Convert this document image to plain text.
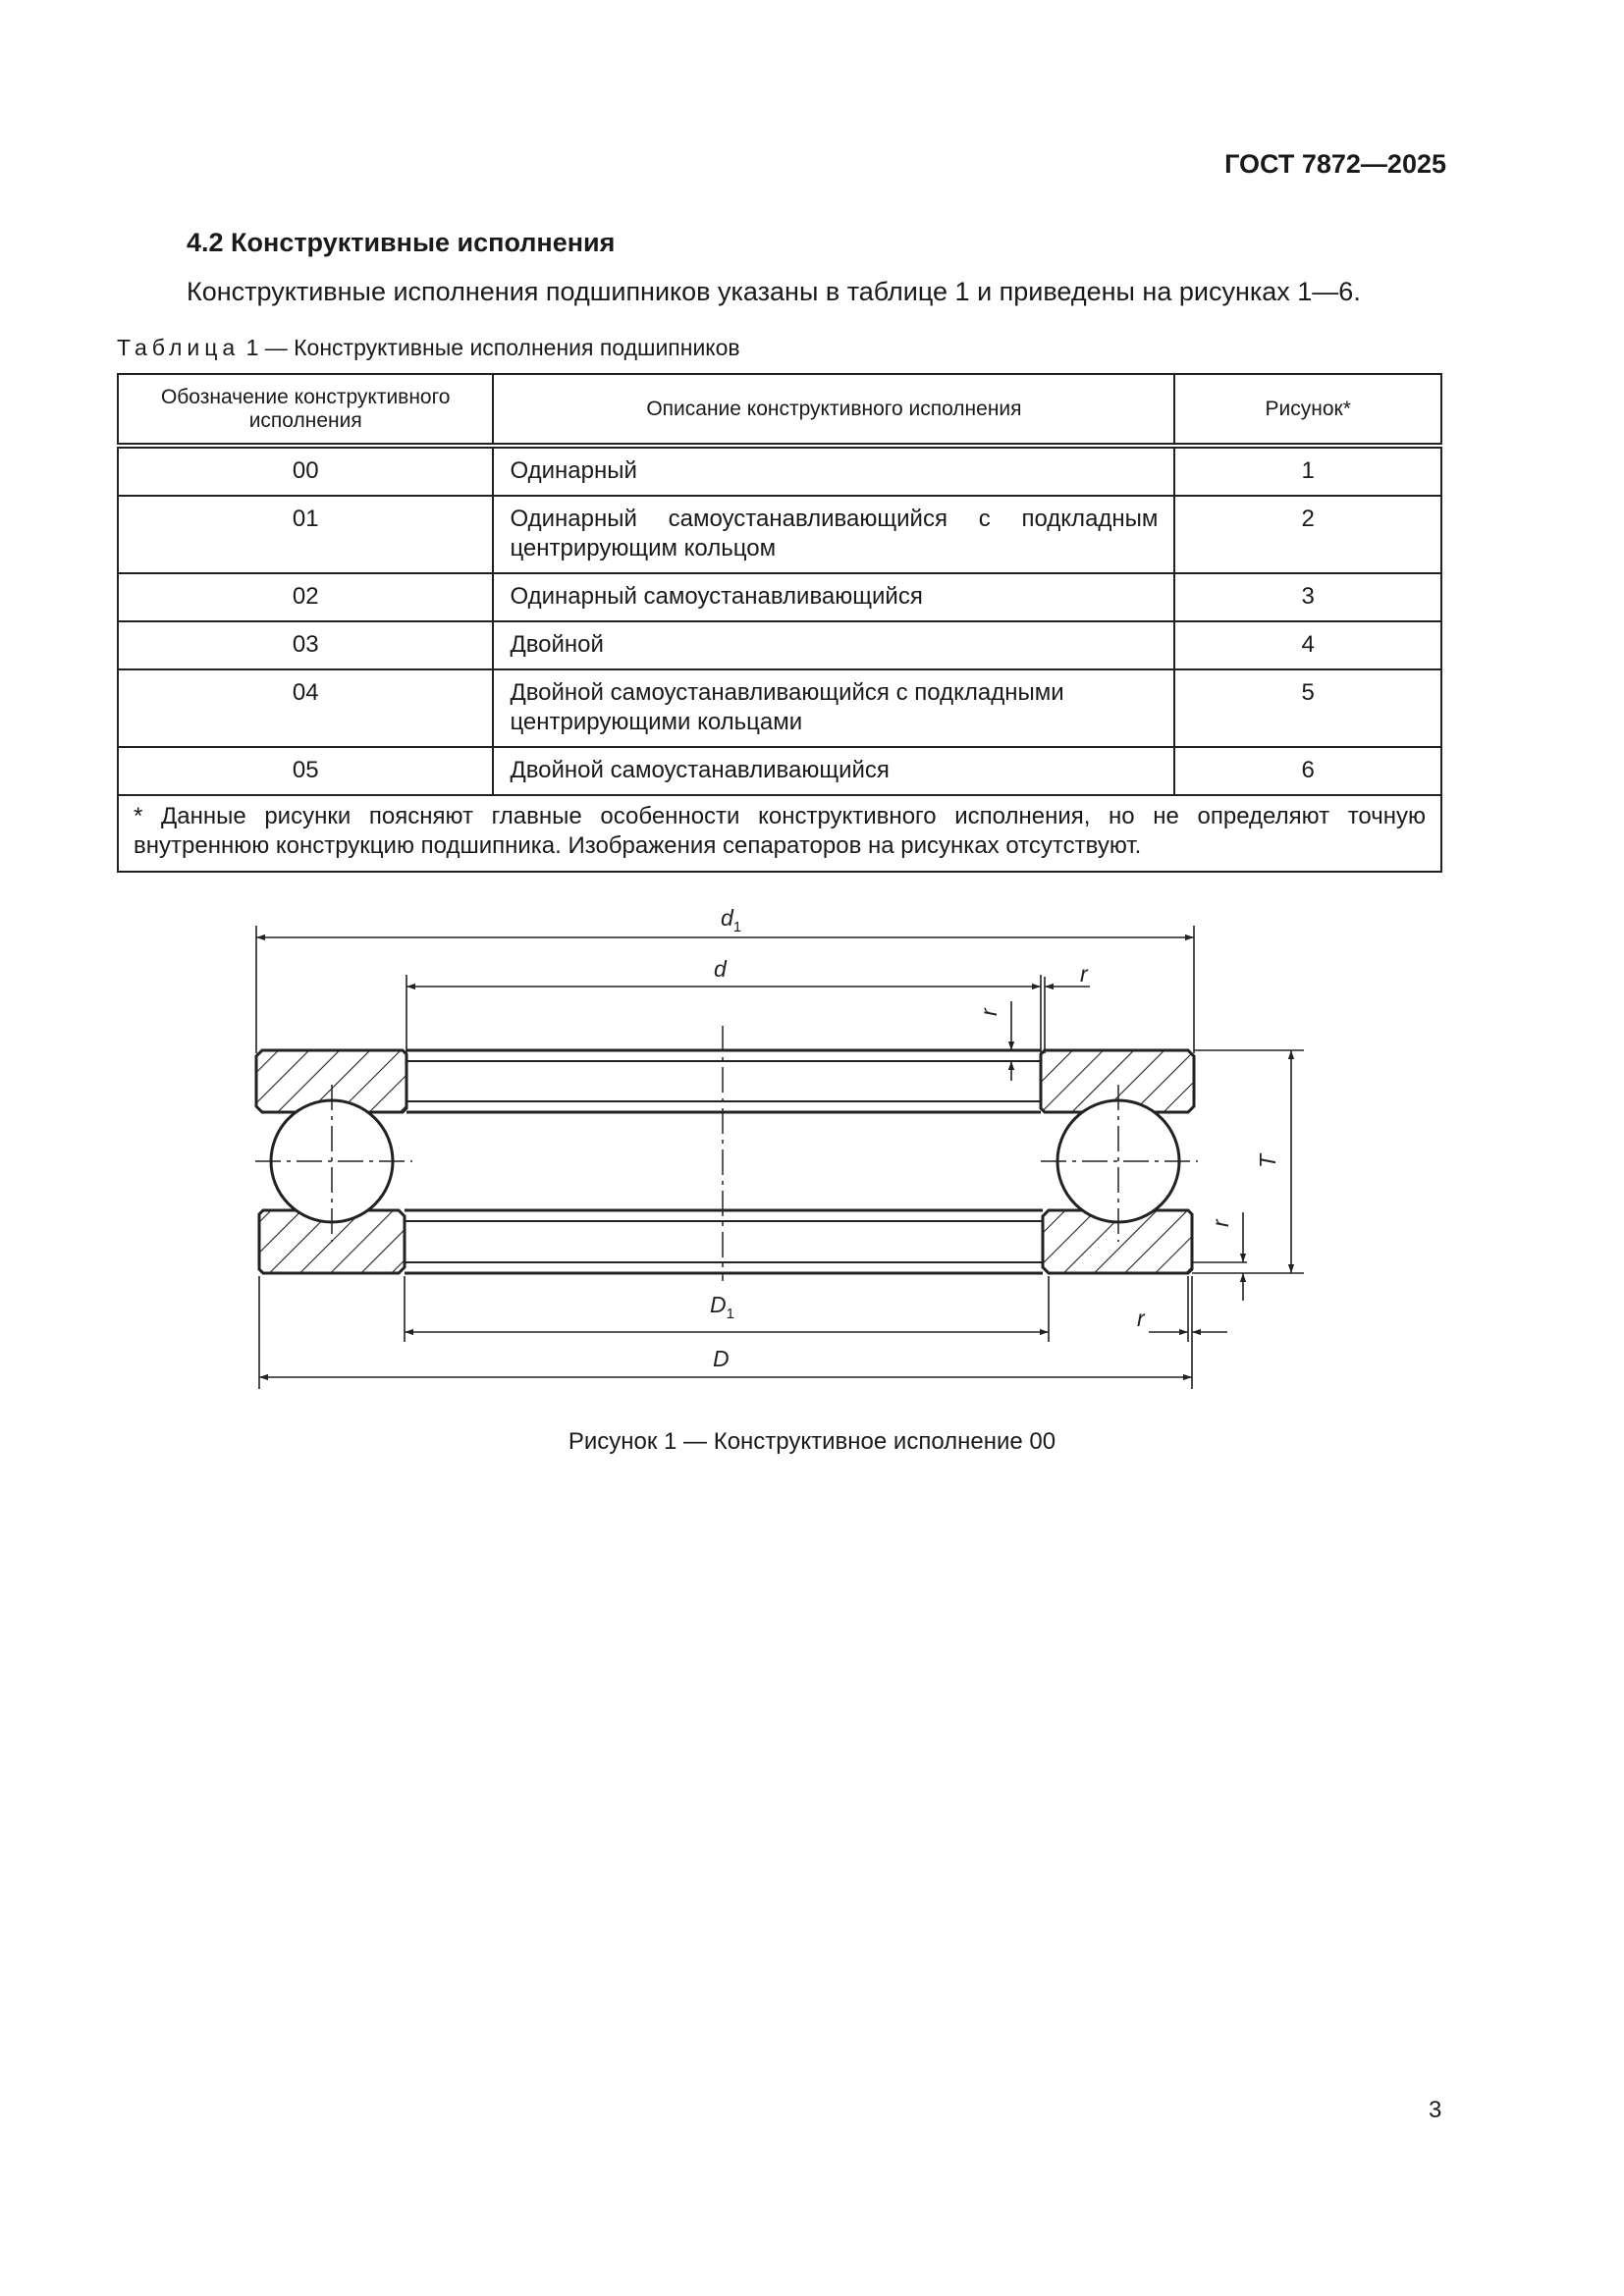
ГОСТ 7872—2025
4.2 Конструктивные исполнения
Конструктивные исполнения подшипников указаны в таблице 1 и приведены на рисунках 1—6.
Таблица 1 — Конструктивные исполнения подшипников
Обозначение конструктивного исполнения	Описание конструктивного исполнения	Рисунок*
00	Одинарный	1
01	Одинарный самоустанавливающийся с подкладным центрирующим кольцом	2
02	Одинарный самоустанавливающийся	3
03	Двойной	4
04	Двойной самоустанавливающийся с подкладными центрирующими кольцами	5
05	Двойной самоустанавливающийся	6
* Данные рисунки поясняют главные особенности конструктивного исполнения, но не определяют точную внутреннюю конструкцию подшипника. Изображения сепараторов на рисунках отсутствуют.		
$d_1$
d	r
r
T
r
$D_1$	r
D
Рисунок 1 — Конструктивное исполнение 00
3
